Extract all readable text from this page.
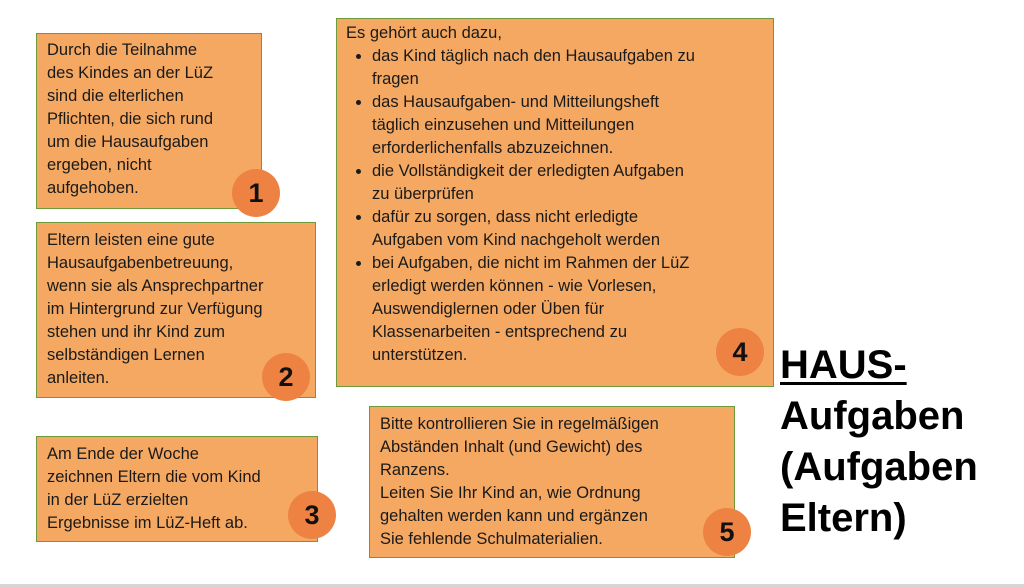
Durch die Teilnahme
des Kindes an der LüZ
sind die elterlichen
Pflichten, die sich rund
um die Hausaufgaben
ergeben, nicht
aufgehoben.	1

Eltern leisten eine gute
Hausaufgabenbetreuung,
wenn sie als Ansprechpartner
im Hintergrund zur Verfügung
stehen und ihr Kind zum
selbständigen Lernen
anleiten.	2

Am Ende der Woche
zeichnen Eltern die vom Kind
in der LüZ erzielten
Ergebnisse im LüZ-Heft ab.	3

Es gehört auch dazu,

• das Kind täglich nach den Hausaufgaben zu
fragen
• das Hausaufgaben- und Mitteilungsheft
täglich einzusehen und Mitteilungen
erforderlichenfalls abzuzeichnen.
• die Vollständigkeit der erledigten Aufgaben
zu überprüfen
• dafür zu sorgen, dass nicht erledigte
Aufgaben vom Kind nachgeholt werden
• bei Aufgaben, die nicht im Rahmen der LüZ
erledigt werden können - wie Vorlesen,
Auswendiglernen oder Üben für
Klassenarbeiten - entsprechend zu
unterstützen.	4

Bitte kontrollieren Sie in regelmäßigen
Abständen Inhalt (und Gewicht) des
Ranzens.
Leiten Sie Ihr Kind an, wie Ordnung
gehalten werden kann und ergänzen
Sie fehlende Schulmaterialien.	5
HAUS-
Aufgaben
(Aufgaben
Eltern)
